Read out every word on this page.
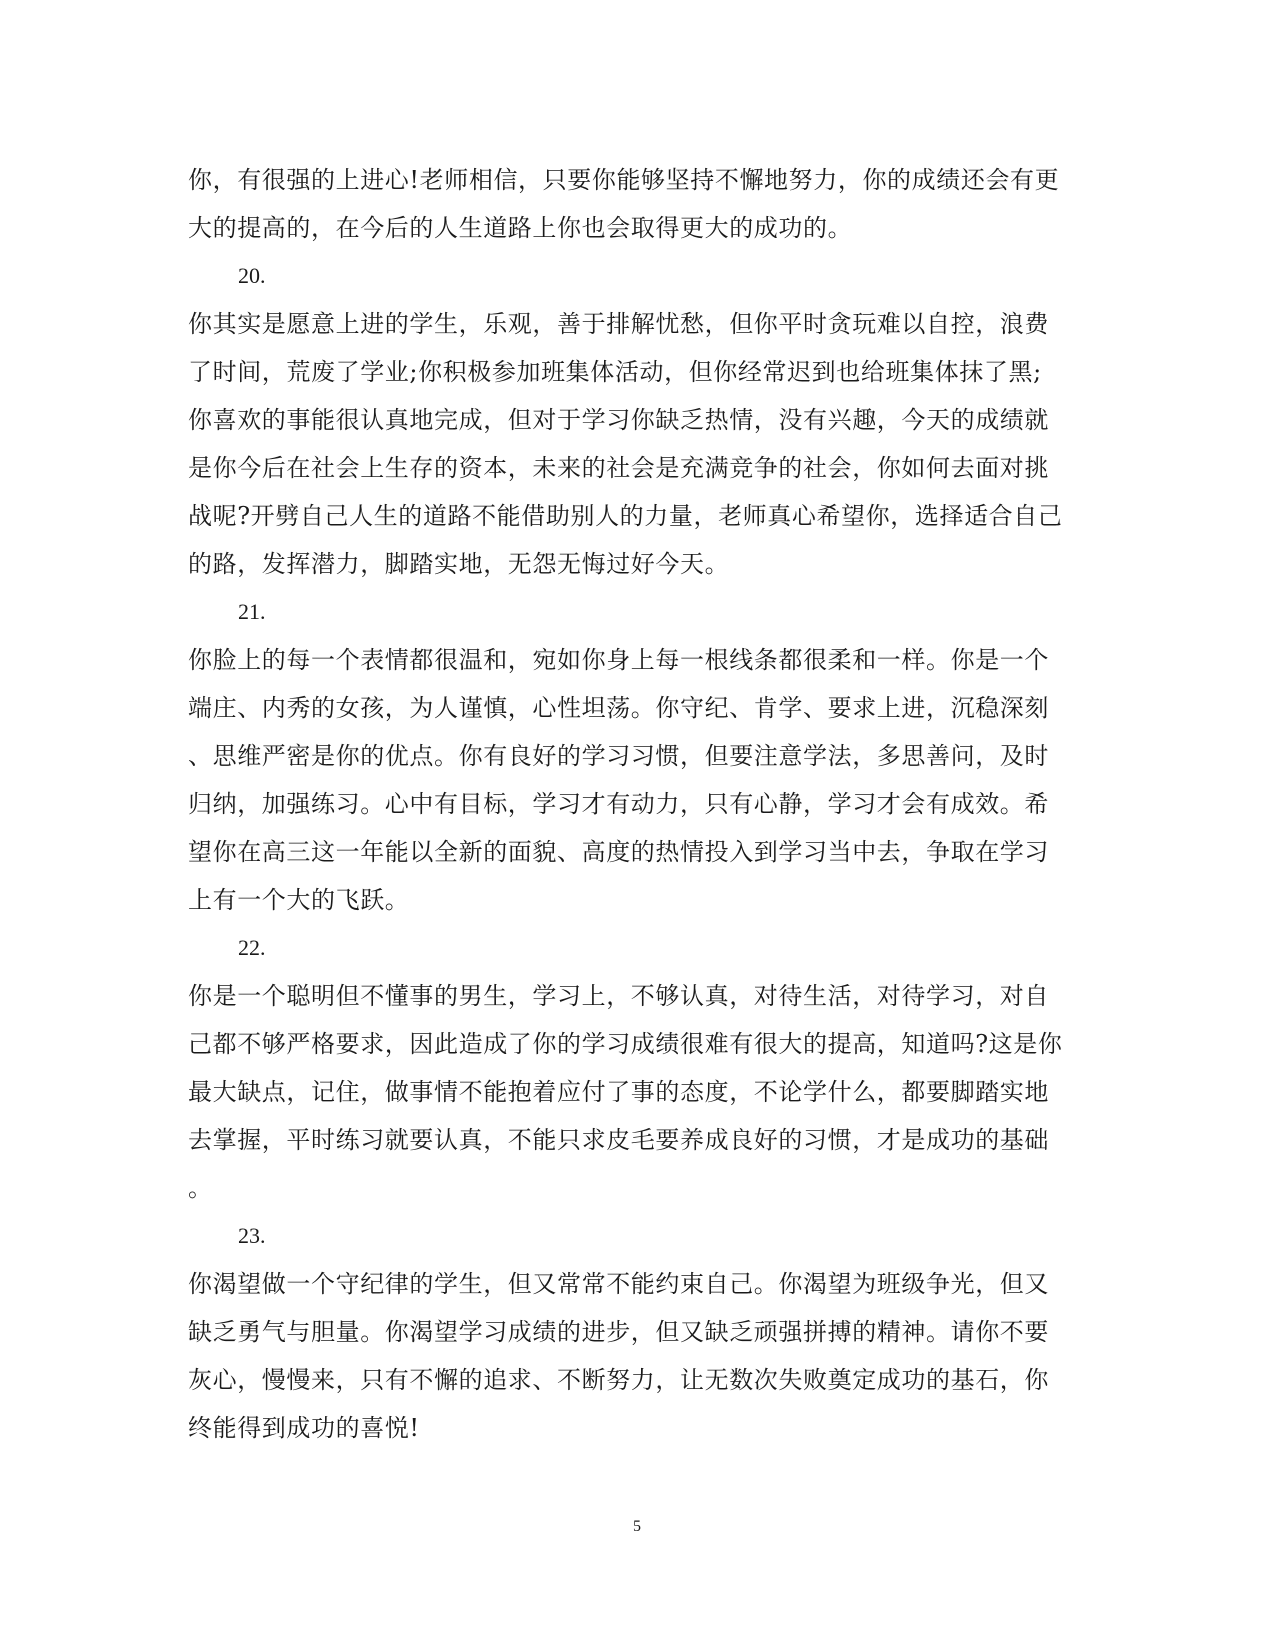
你，有很强的上进心!老师相信，只要你能够坚持不懈地努力，你的成绩还会有更
大的提高的，在今后的人生道路上你也会取得更大的成功的。
20.
你其实是愿意上进的学生，乐观，善于排解忧愁，但你平时贪玩难以自控，浪费
了时间，荒废了学业;你积极参加班集体活动，但你经常迟到也给班集体抹了黑;
你喜欢的事能很认真地完成，但对于学习你缺乏热情，没有兴趣，今天的成绩就
是你今后在社会上生存的资本，未来的社会是充满竞争的社会，你如何去面对挑
战呢?开劈自己人生的道路不能借助别人的力量，老师真心希望你，选择适合自己
的路，发挥潜力，脚踏实地，无怨无悔过好今天。
21.
你脸上的每一个表情都很温和，宛如你身上每一根线条都很柔和一样。你是一个
端庄、内秀的女孩，为人谨慎，心性坦荡。你守纪、肯学、要求上进，沉稳深刻
、思维严密是你的优点。你有良好的学习习惯，但要注意学法，多思善问，及时
归纳，加强练习。心中有目标，学习才有动力，只有心静，学习才会有成效。希
望你在高三这一年能以全新的面貌、高度的热情投入到学习当中去，争取在学习
上有一个大的飞跃。
22.
你是一个聪明但不懂事的男生，学习上，不够认真，对待生活，对待学习，对自
己都不够严格要求，因此造成了你的学习成绩很难有很大的提高，知道吗?这是你
最大缺点，记住，做事情不能抱着应付了事的态度，不论学什么，都要脚踏实地
去掌握，平时练习就要认真，不能只求皮毛要养成良好的习惯，才是成功的基础
。
23.
你渴望做一个守纪律的学生，但又常常不能约束自己。你渴望为班级争光，但又
缺乏勇气与胆量。你渴望学习成绩的进步，但又缺乏顽强拼搏的精神。请你不要
灰心，慢慢来，只有不懈的追求、不断努力，让无数次失败奠定成功的基石，你
终能得到成功的喜悦!
5
